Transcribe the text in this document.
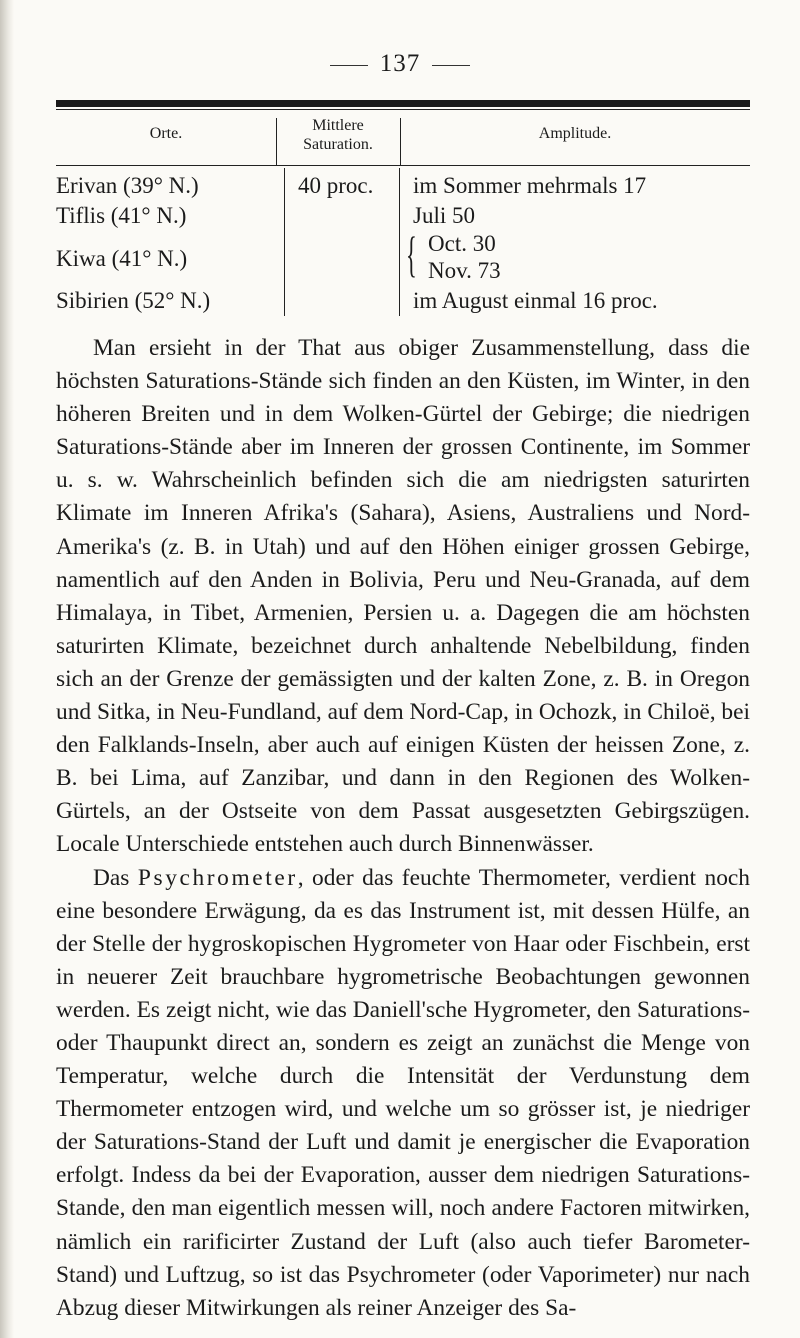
137
Orte.	Mittlere Saturation.
Amplitude.
Erivan (39° N.)
Tiflis (41° N.)
Kiwa (41° N.)
Sibirien (52° N.)
40 proc. im Sommer mehrmals 17
Juli 50
{ Oct. 30
Nov. 73
im August einmal 16 proc.

Man ersieht in der That aus obiger Zusammenstellung, dass die höchsten Saturations-Stände sich finden an den Küsten, im Winter, in den höheren Breiten und in dem Wolken-Gürtel der Gebirge; die niedrigen Saturations-Stände aber im Inneren der grossen Continente, im Sommer u. s. w. Wahrscheinlich befinden sich die am niedrigsten saturirten Klimate im Inneren Afrika's (Sahara), Asiens, Australiens und Nord-Amerika's (z. B. in Utah) und auf den Höhen einiger grossen Gebirge, namentlich auf den Anden in Bolivia, Peru und Neu-Granada, auf dem Himalaya, in Tibet, Armenien, Persien u. a. Dagegen die am höchsten saturirten Klimate, bezeichnet durch anhaltende Nebelbildung, finden sich an der Grenze der gemässigten und der kalten Zone, z. B. in Oregon und Sitka, in Neu-Fundland, auf dem Nord-Cap, in Ochozk, in Chiloë, bei den Falklands-Inseln, aber auch auf einigen Küsten der heissen Zone, z. B. bei Lima, auf Zanzibar, und dann in den Regionen des Wolken-Gürtels, an der Ostseite von dem Passat ausgesetzten Gebirgszügen. Locale Unterschiede entstehen auch durch Binnenwässer.

Das Psychrometer, oder das feuchte Thermometer, verdient noch eine besondere Erwägung, da es das Instrument ist, mit dessen Hülfe, an der Stelle der hygroskopischen Hygrometer von Haar oder Fischbein, erst in neuerer Zeit brauchbare hygrometrische Beobachtungen gewonnen werden. Es zeigt nicht, wie das Daniell'sche Hygrometer, den Saturations- oder Thaupunkt direct an, sondern es zeigt an zunächst die Menge von Temperatur, welche durch die Intensität der Verdunstung dem Thermometer entzogen wird, und welche um so grösser ist, je niedriger der Saturations-Stand der Luft und damit je energischer die Evaporation erfolgt. Indess da bei der Evaporation, ausser dem niedrigen Saturations-Stande, den man eigentlich messen will, noch andere Factoren mitwirken, nämlich ein rarificirter Zustand der Luft (also auch tiefer Barometer-Stand) und Luftzug, so ist das Psychrometer (oder Vaporimeter) nur nach Abzug dieser Mitwirkungen als reiner Anzeiger des Sa-
